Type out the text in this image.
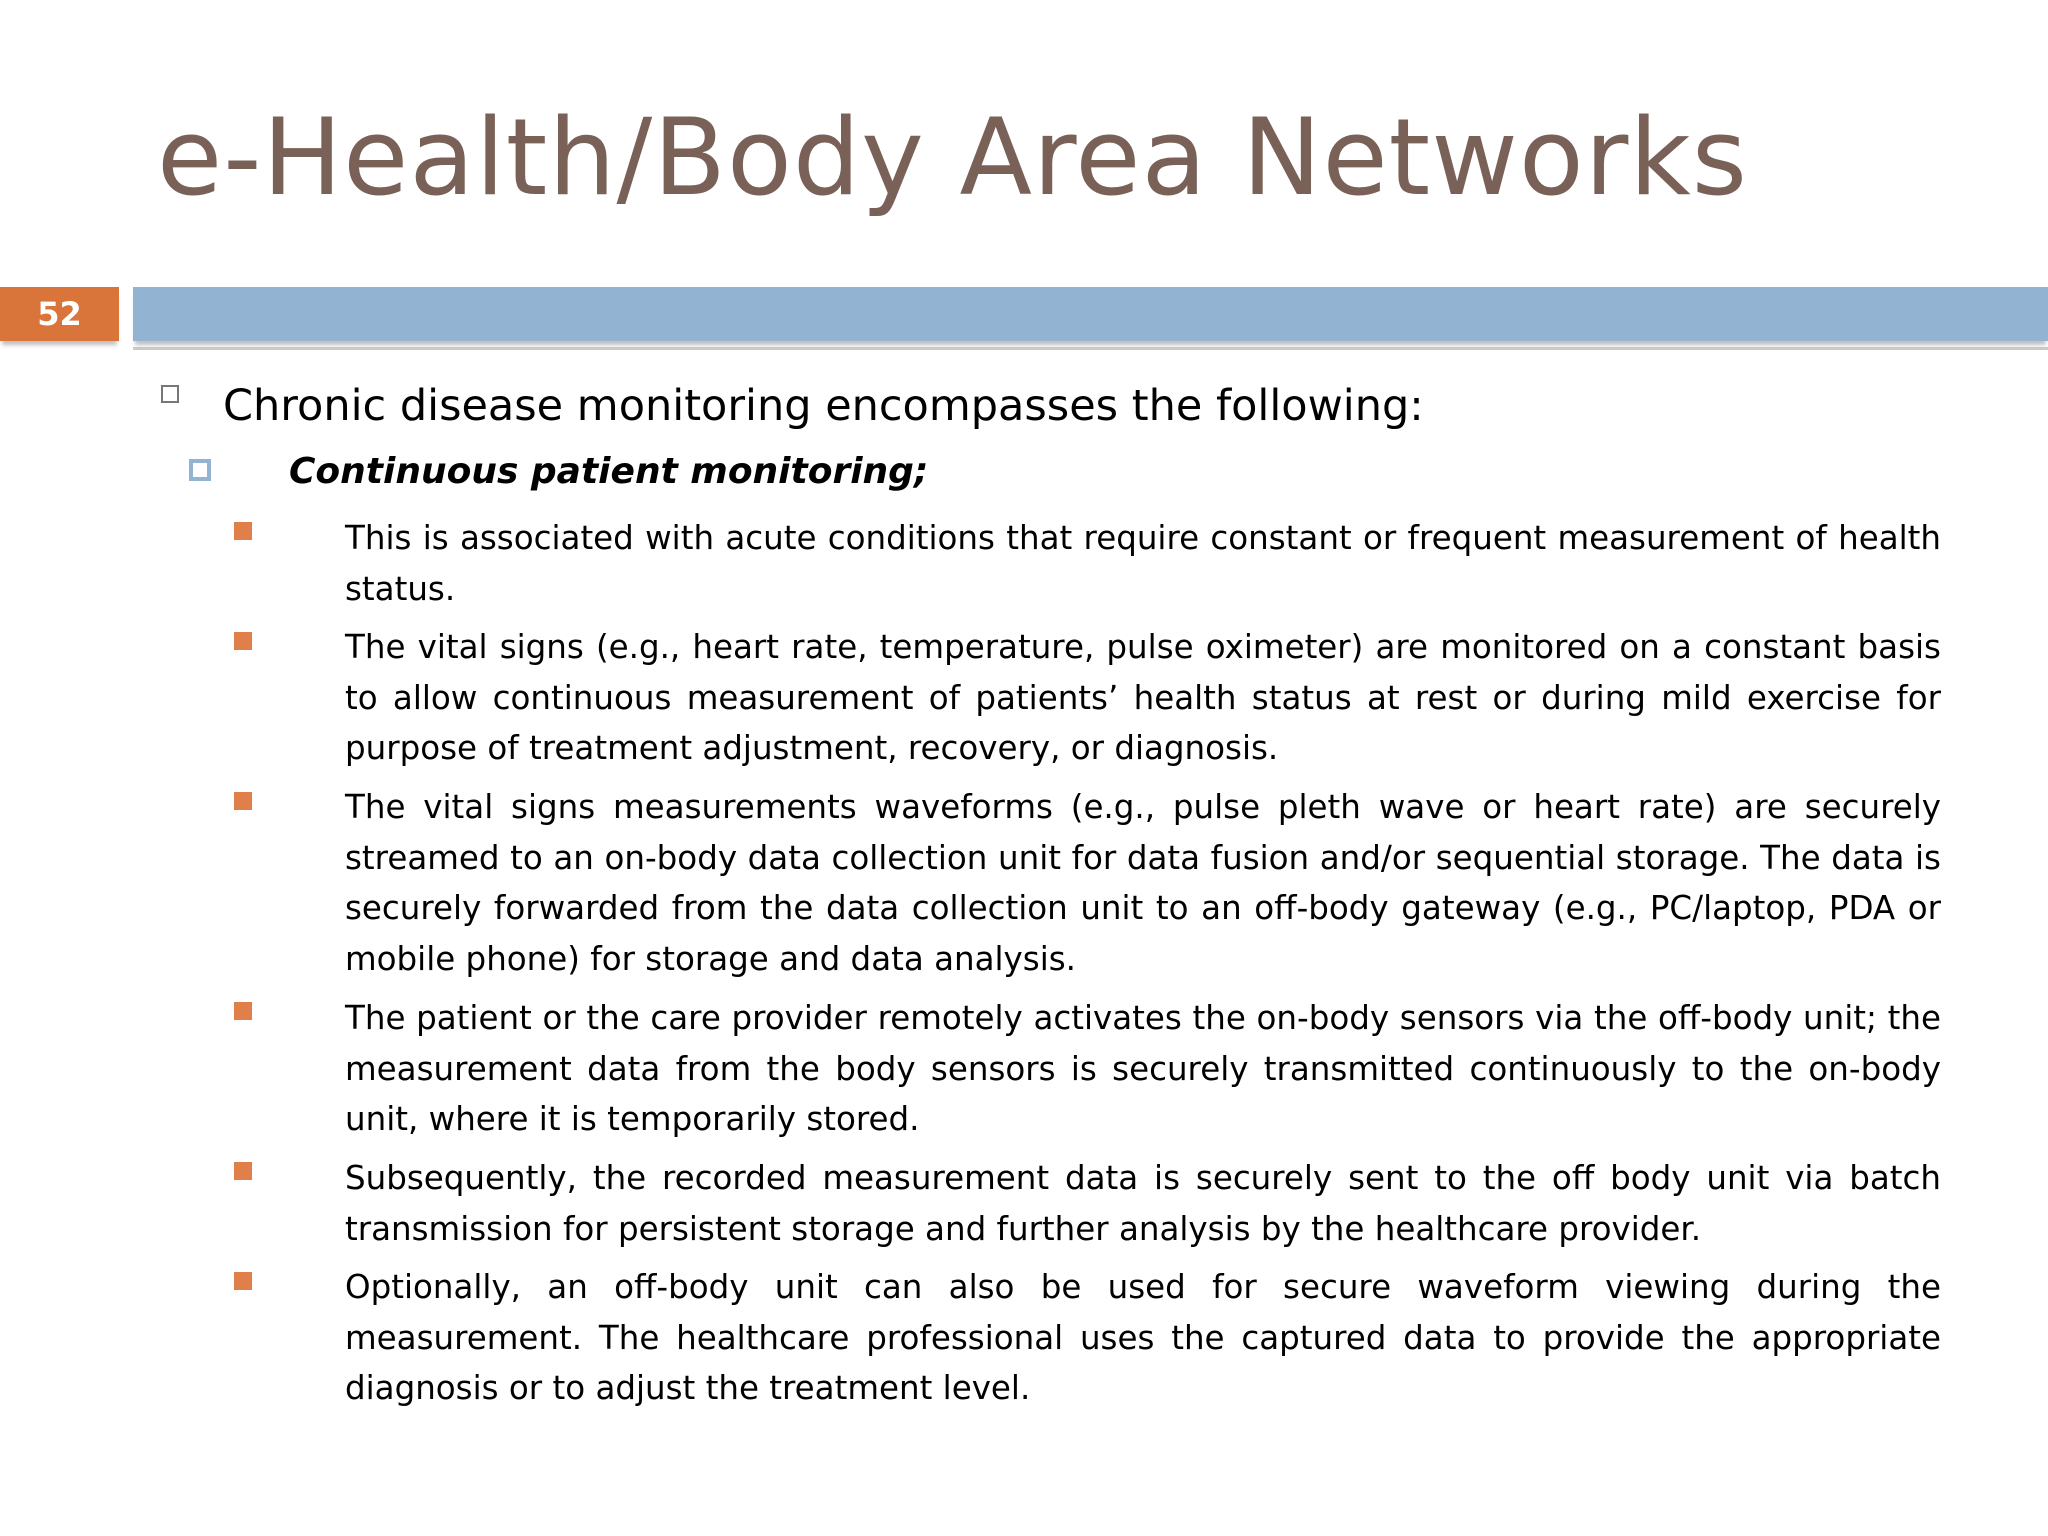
e-Health/Body Area Networks
52

Chronic disease monitoring encompasses the following:

Continuous patient monitoring;

This is associated with acute conditions that require constant or frequent measurement of health status.

The vital signs (e.g., heart rate, temperature, pulse oximeter) are monitored on a constant basis to allow continuous measurement of patients’ health status at rest or during mild exercise for purpose of treatment adjustment, recovery, or diagnosis.

The vital signs measurements waveforms (e.g., pulse pleth wave or heart rate) are securely streamed to an on-body data collection unit for data fusion and/or sequential storage. The data is securely forwarded from the data collection unit to an off-body gateway (e.g., PC/laptop, PDA or mobile phone) for storage and data analysis.

The patient or the care provider remotely activates the on-body sensors via the off-body unit; the measurement data from the body sensors is securely transmitted continuously to the on-body unit, where it is temporarily stored.

Subsequently, the recorded measurement data is securely sent to the off body unit via batch transmission for persistent storage and further analysis by the healthcare provider.

Optionally, an off-body unit can also be used for secure waveform viewing during the measurement. The healthcare professional uses the captured data to provide the appropriate diagnosis or to adjust the treatment level.
